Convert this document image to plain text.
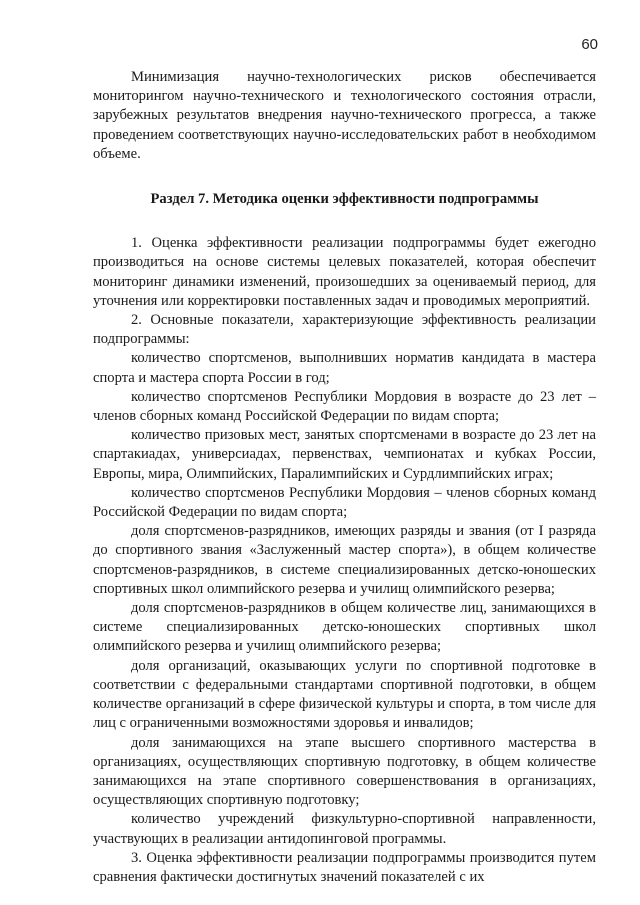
60

Минимизация научно-технологических рисков обеспечивается мониторингом научно-технического и технологического состояния отрасли, зарубежных результатов внедрения научно-технического прогресса, а также проведением соответствующих научно-исследовательских работ в необходимом объеме.

Раздел 7. Методика оценки эффективности подпрограммы

1. Оценка эффективности реализации подпрограммы будет ежегодно производиться на основе системы целевых показателей, которая обеспечит мониторинг динамики изменений, произошедших за оцениваемый период, для уточнения или корректировки поставленных задач и проводимых мероприятий.

2. Основные показатели, характеризующие эффективность реализации подпрограммы:

количество спортсменов, выполнивших норматив кандидата в мастера спорта и мастера спорта России в год;

количество спортсменов Республики Мордовия в возрасте до 23 лет – членов сборных команд Российской Федерации по видам спорта;

количество призовых мест, занятых спортсменами в возрасте до 23 лет на спартакиадах, универсиадах, первенствах, чемпионатах и кубках России, Европы, мира, Олимпийских, Паралимпийских и Сурдлимпийских играх;

количество спортсменов Республики Мордовия – членов сборных команд Российской Федерации по видам спорта;

доля спортсменов-разрядников, имеющих разряды и звания (от I разряда до спортивного звания «Заслуженный мастер спорта»), в общем количестве спортсменов-разрядников, в системе специализированных детско-юношеских спортивных школ олимпийского резерва и училищ олимпийского резерва;

доля спортсменов-разрядников в общем количестве лиц, занимающихся в системе специализированных детско-юношеских спортивных школ олимпийского резерва и училищ олимпийского резерва;

доля организаций, оказывающих услуги по спортивной подготовке в соответствии с федеральными стандартами спортивной подготовки, в общем количестве организаций в сфере физической культуры и спорта, в том числе для лиц с ограниченными возможностями здоровья и инвалидов;

доля занимающихся на этапе высшего спортивного мастерства в организациях, осуществляющих спортивную подготовку, в общем количестве занимающихся на этапе спортивного совершенствования в организациях, осуществляющих спортивную подготовку;

количество учреждений физкультурно-спортивной направленности, участвующих в реализации антидопинговой программы.

3. Оценка эффективности реализации подпрограммы производится путем сравнения фактически достигнутых значений показателей с их
